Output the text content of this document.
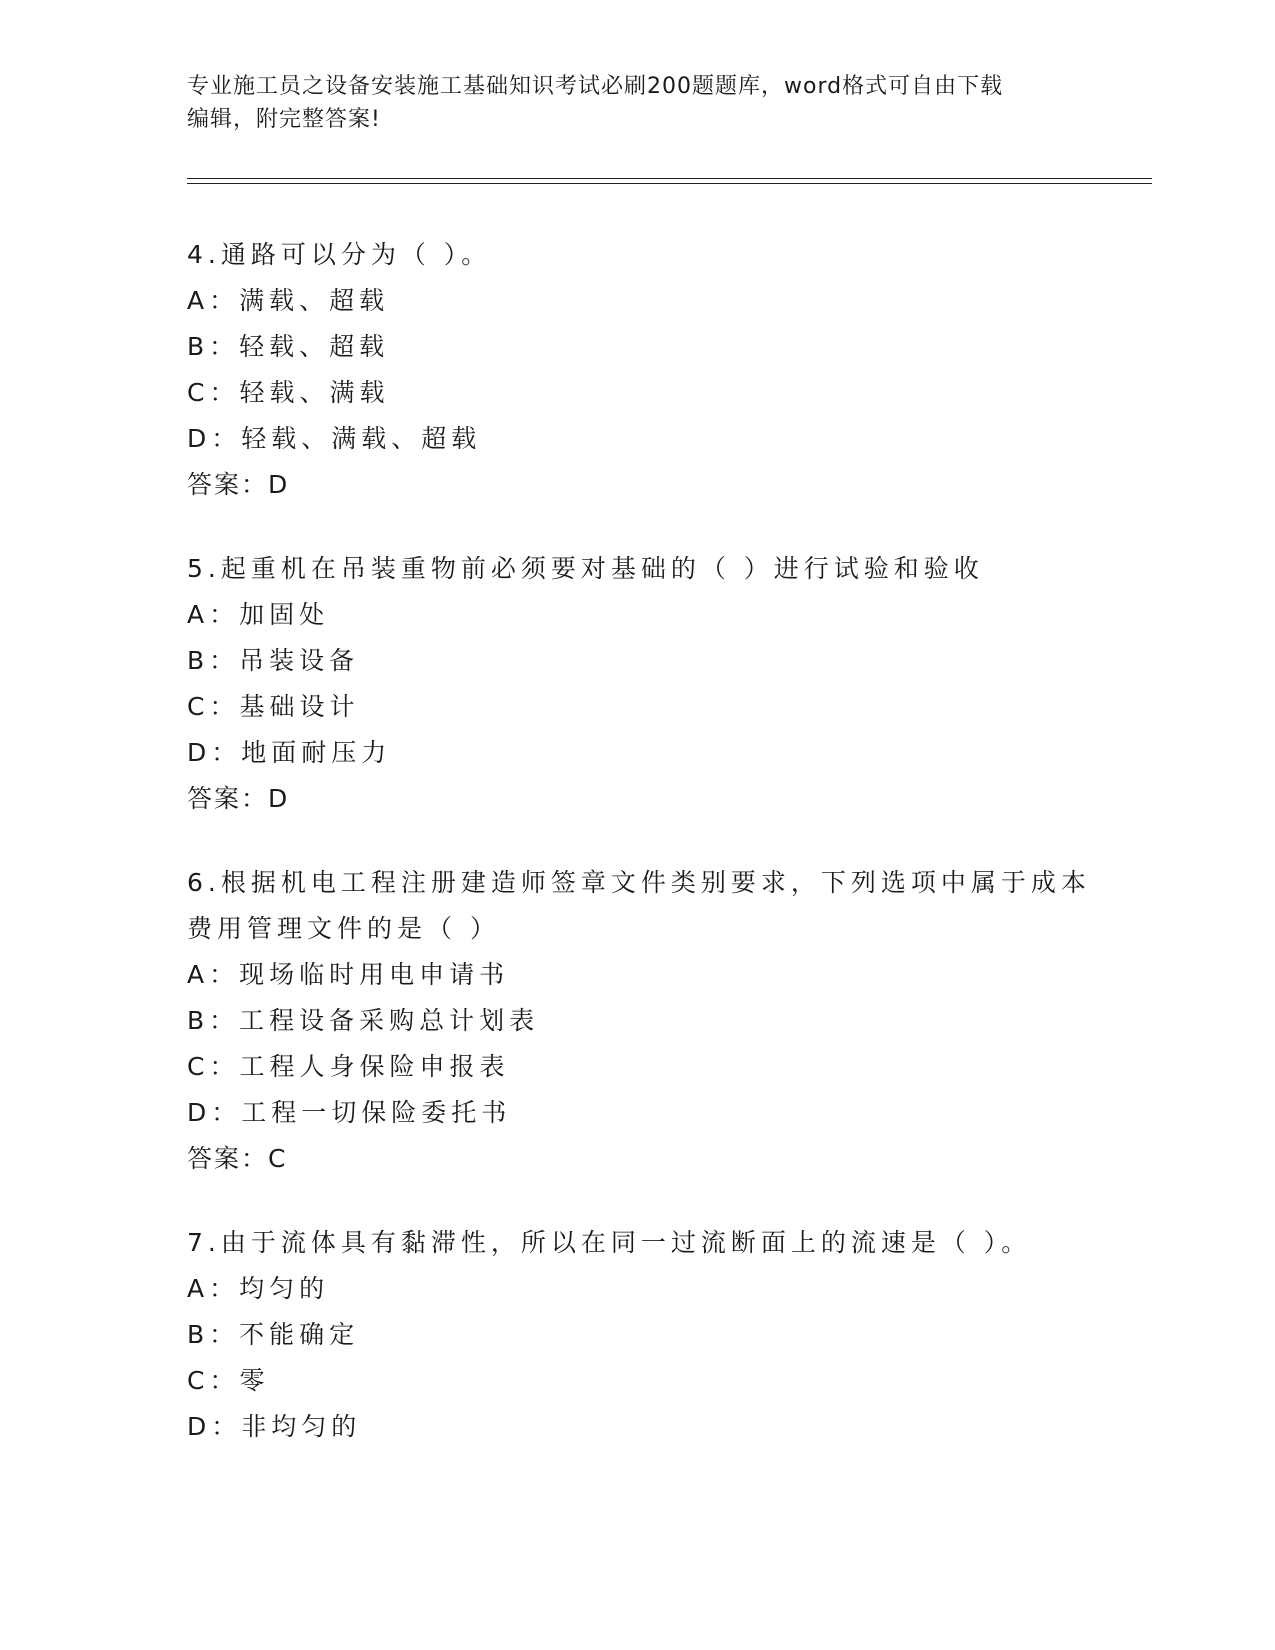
专业施工员之设备安装施工基础知识考试必刷200题题库，word格式可自由下载
编辑，附完整答案!
4.通路可以分为（ ）。
A：满载、超载
B：轻载、超载
C：轻载、满载
D：轻载、满载、超载
答案：D
5.起重机在吊装重物前必须要对基础的（ ）进行试验和验收
A：加固处
B：吊装设备
C：基础设计
D：地面耐压力
答案：D
6.根据机电工程注册建造师签章文件类别要求，下列选项中属于成本
费用管理文件的是（ ）
A：现场临时用电申请书
B：工程设备采购总计划表
C：工程人身保险申报表
D：工程一切保险委托书
答案：C
7.由于流体具有黏滞性，所以在同一过流断面上的流速是（ ）。
A：均匀的
B：不能确定
C：零
D：非均匀的
